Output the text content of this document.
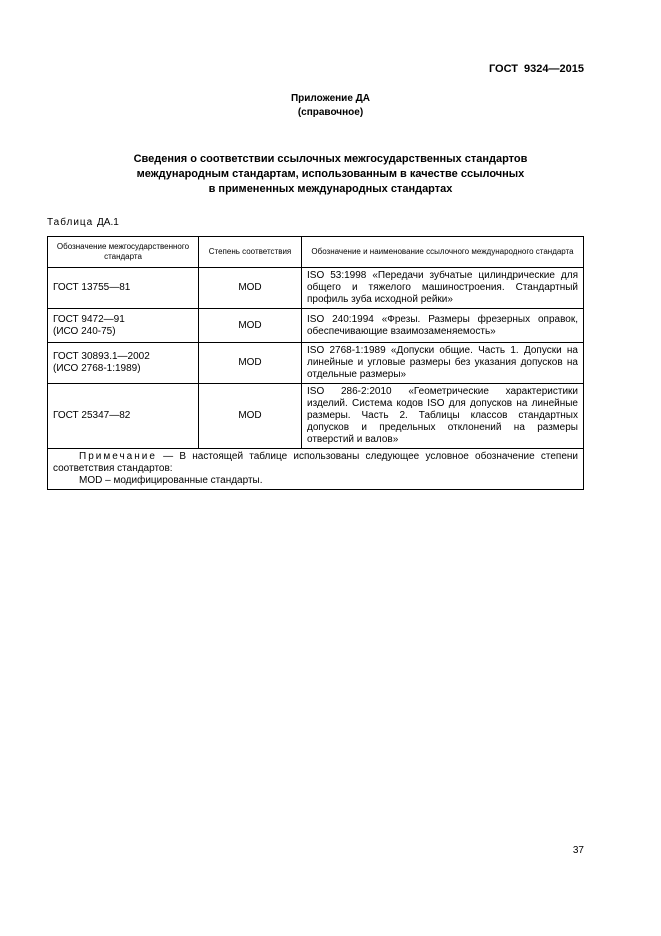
ГОСТ 9324—2015
Приложение ДА
(справочное)
Сведения о соответствии ссылочных межгосударственных стандартов
международным стандартам, использованным в качестве ссылочных
в примененных международных стандартах
Таблица ДА.1
Обозначение межгосударственного стандарта	Степень соответствия	Обозначение и наименование ссылочного международного стандарта

ГОСТ 13755—81	MOD	ISO 53:1998 «Передачи зубчатые цилиндрические для общего и тяжелого машиностроения. Стандартный профиль зуба исходной рейки»

ГОСТ 9472—91
(ИСО 240-75)	MOD	ISO 240:1994 «Фрезы. Размеры фрезерных оправок, обеспечивающие взаимозаменяемость»

ГОСТ 30893.1—2002
(ИСО 2768-1:1989)	MOD	ISO 2768-1:1989 «Допуски общие. Часть 1. Допуски на линейные и угловые размеры без указания допусков на отдельные размеры»

ГОСТ 25347—82	MOD	ISO 286-2:2010 «Геометрические характеристики изделий. Система кодов ISO для допусков на линейные размеры. Часть 2. Таблицы классов стандартных допусков и предельных отклонений на размеры отверстий и валов»

Примечание — В настоящей таблице использованы следующее условное обозначение степени соответствия стандартов:

MOD – модифицированные стандарты.		

37
